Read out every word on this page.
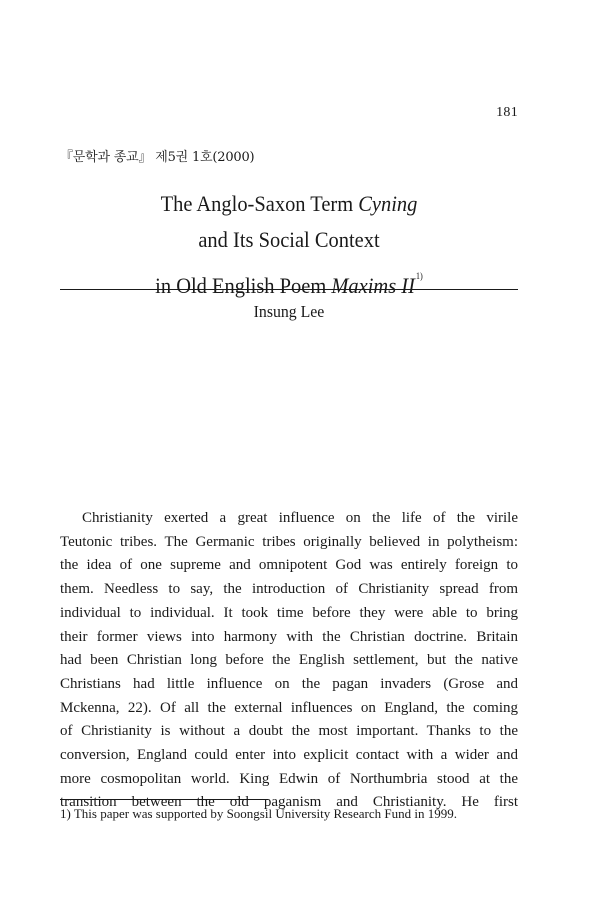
181
『문학과 종교』 제5권 1호(2000)
The Anglo-Saxon Term Cyning
and Its Social Context
in Old English Poem Maxims II$^{1)}$
Insung Lee
Christianity exerted a great influence on the life of the virile
Teutonic tribes. The Germanic tribes originally believed in polytheism:
the idea of one supreme and omnipotent God was entirely foreign to
them. Needless to say, the introduction of Christianity spread from
individual to individual. It took time before they were able to bring
their former views into harmony with the Christian doctrine. Britain
had been Christian long before the English settlement, but the native
Christians had little influence on the pagan invaders (Grose and
Mckenna, 22). Of all the external influences on England, the coming
of Christianity is without a doubt the most important. Thanks to the
conversion, England could enter into explicit contact with a wider and
more cosmopolitan world. King Edwin of Northumbria stood at the
transition between the old paganism and Christianity. He first
1) This paper was supported by Soongsil University Research Fund in 1999.
